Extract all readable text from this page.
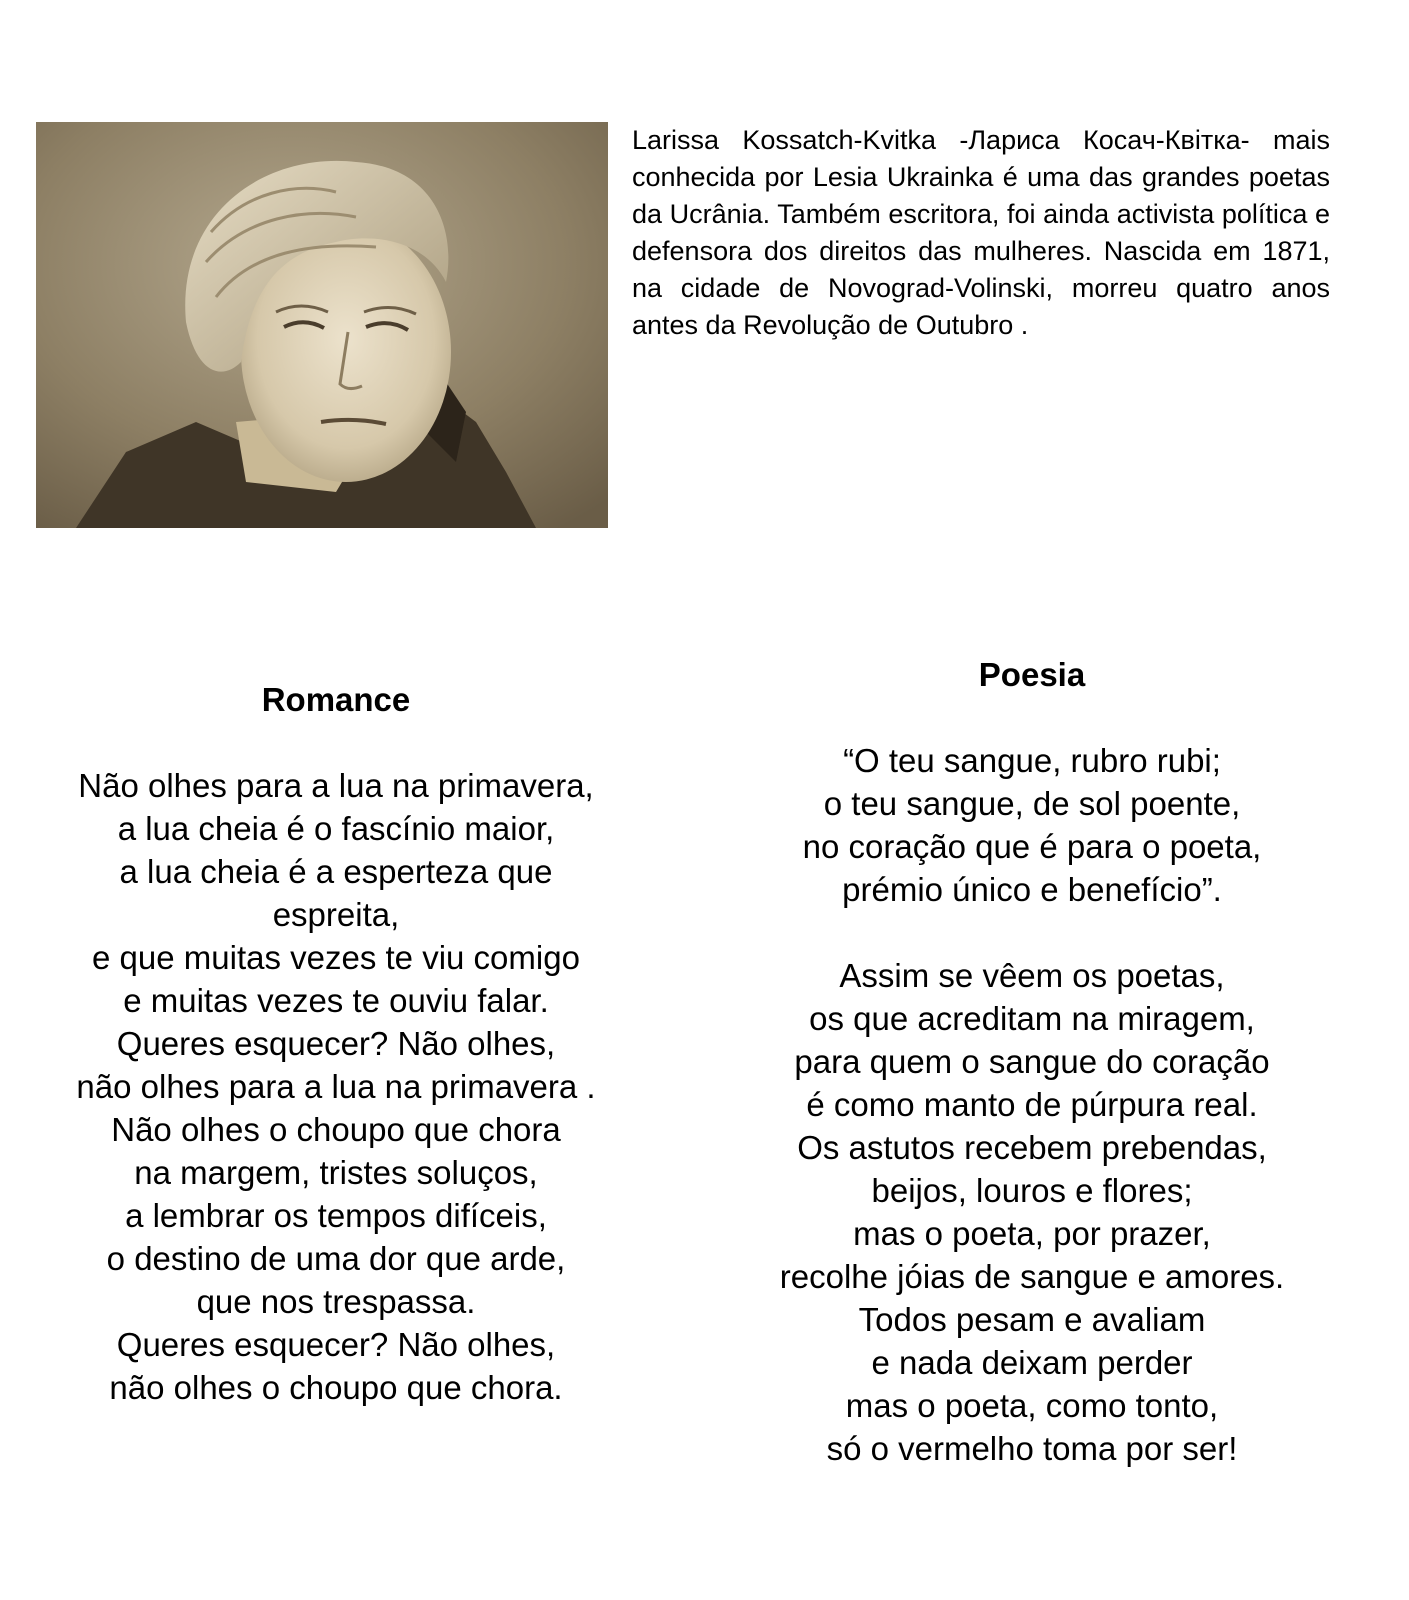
Larissa Kossatch-Kvitka -Лариса Косач-Квітка- mais conhecida por Lesia Ukrainka é uma das grandes poetas da Ucrânia. Também escritora, foi ainda activista política e defensora dos direitos das mulheres. Nascida em 1871, na cidade de Novograd-Volinski, morreu quatro anos antes da Revolução de Outubro .

Romance
Não olhes para a lua na primavera,
a lua cheia é o fascínio maior,
a lua cheia é a esperteza que
espreita,
e que muitas vezes te viu comigo
e muitas vezes te ouviu falar.
Queres esquecer? Não olhes,
não olhes para a lua na primavera .
Não olhes o choupo que chora
na margem, tristes soluços,
a lembrar os tempos difíceis,
o destino de uma dor que arde,
que nos trespassa.
Queres esquecer? Não olhes,
não olhes o choupo que chora.
Poesia
“O teu sangue, rubro rubi;
o teu sangue, de sol poente,
no coração que é para o poeta,
prémio único e benefício”.
Assim se vêem os poetas,
os que acreditam na miragem,
para quem o sangue do coração
é como manto de púrpura real.
Os astutos recebem prebendas,
beijos, louros e flores;
mas o poeta, por prazer,
recolhe jóias de sangue e amores.
Todos pesam e avaliam
e nada deixam perder
mas o poeta, como tonto,
só o vermelho toma por ser!
